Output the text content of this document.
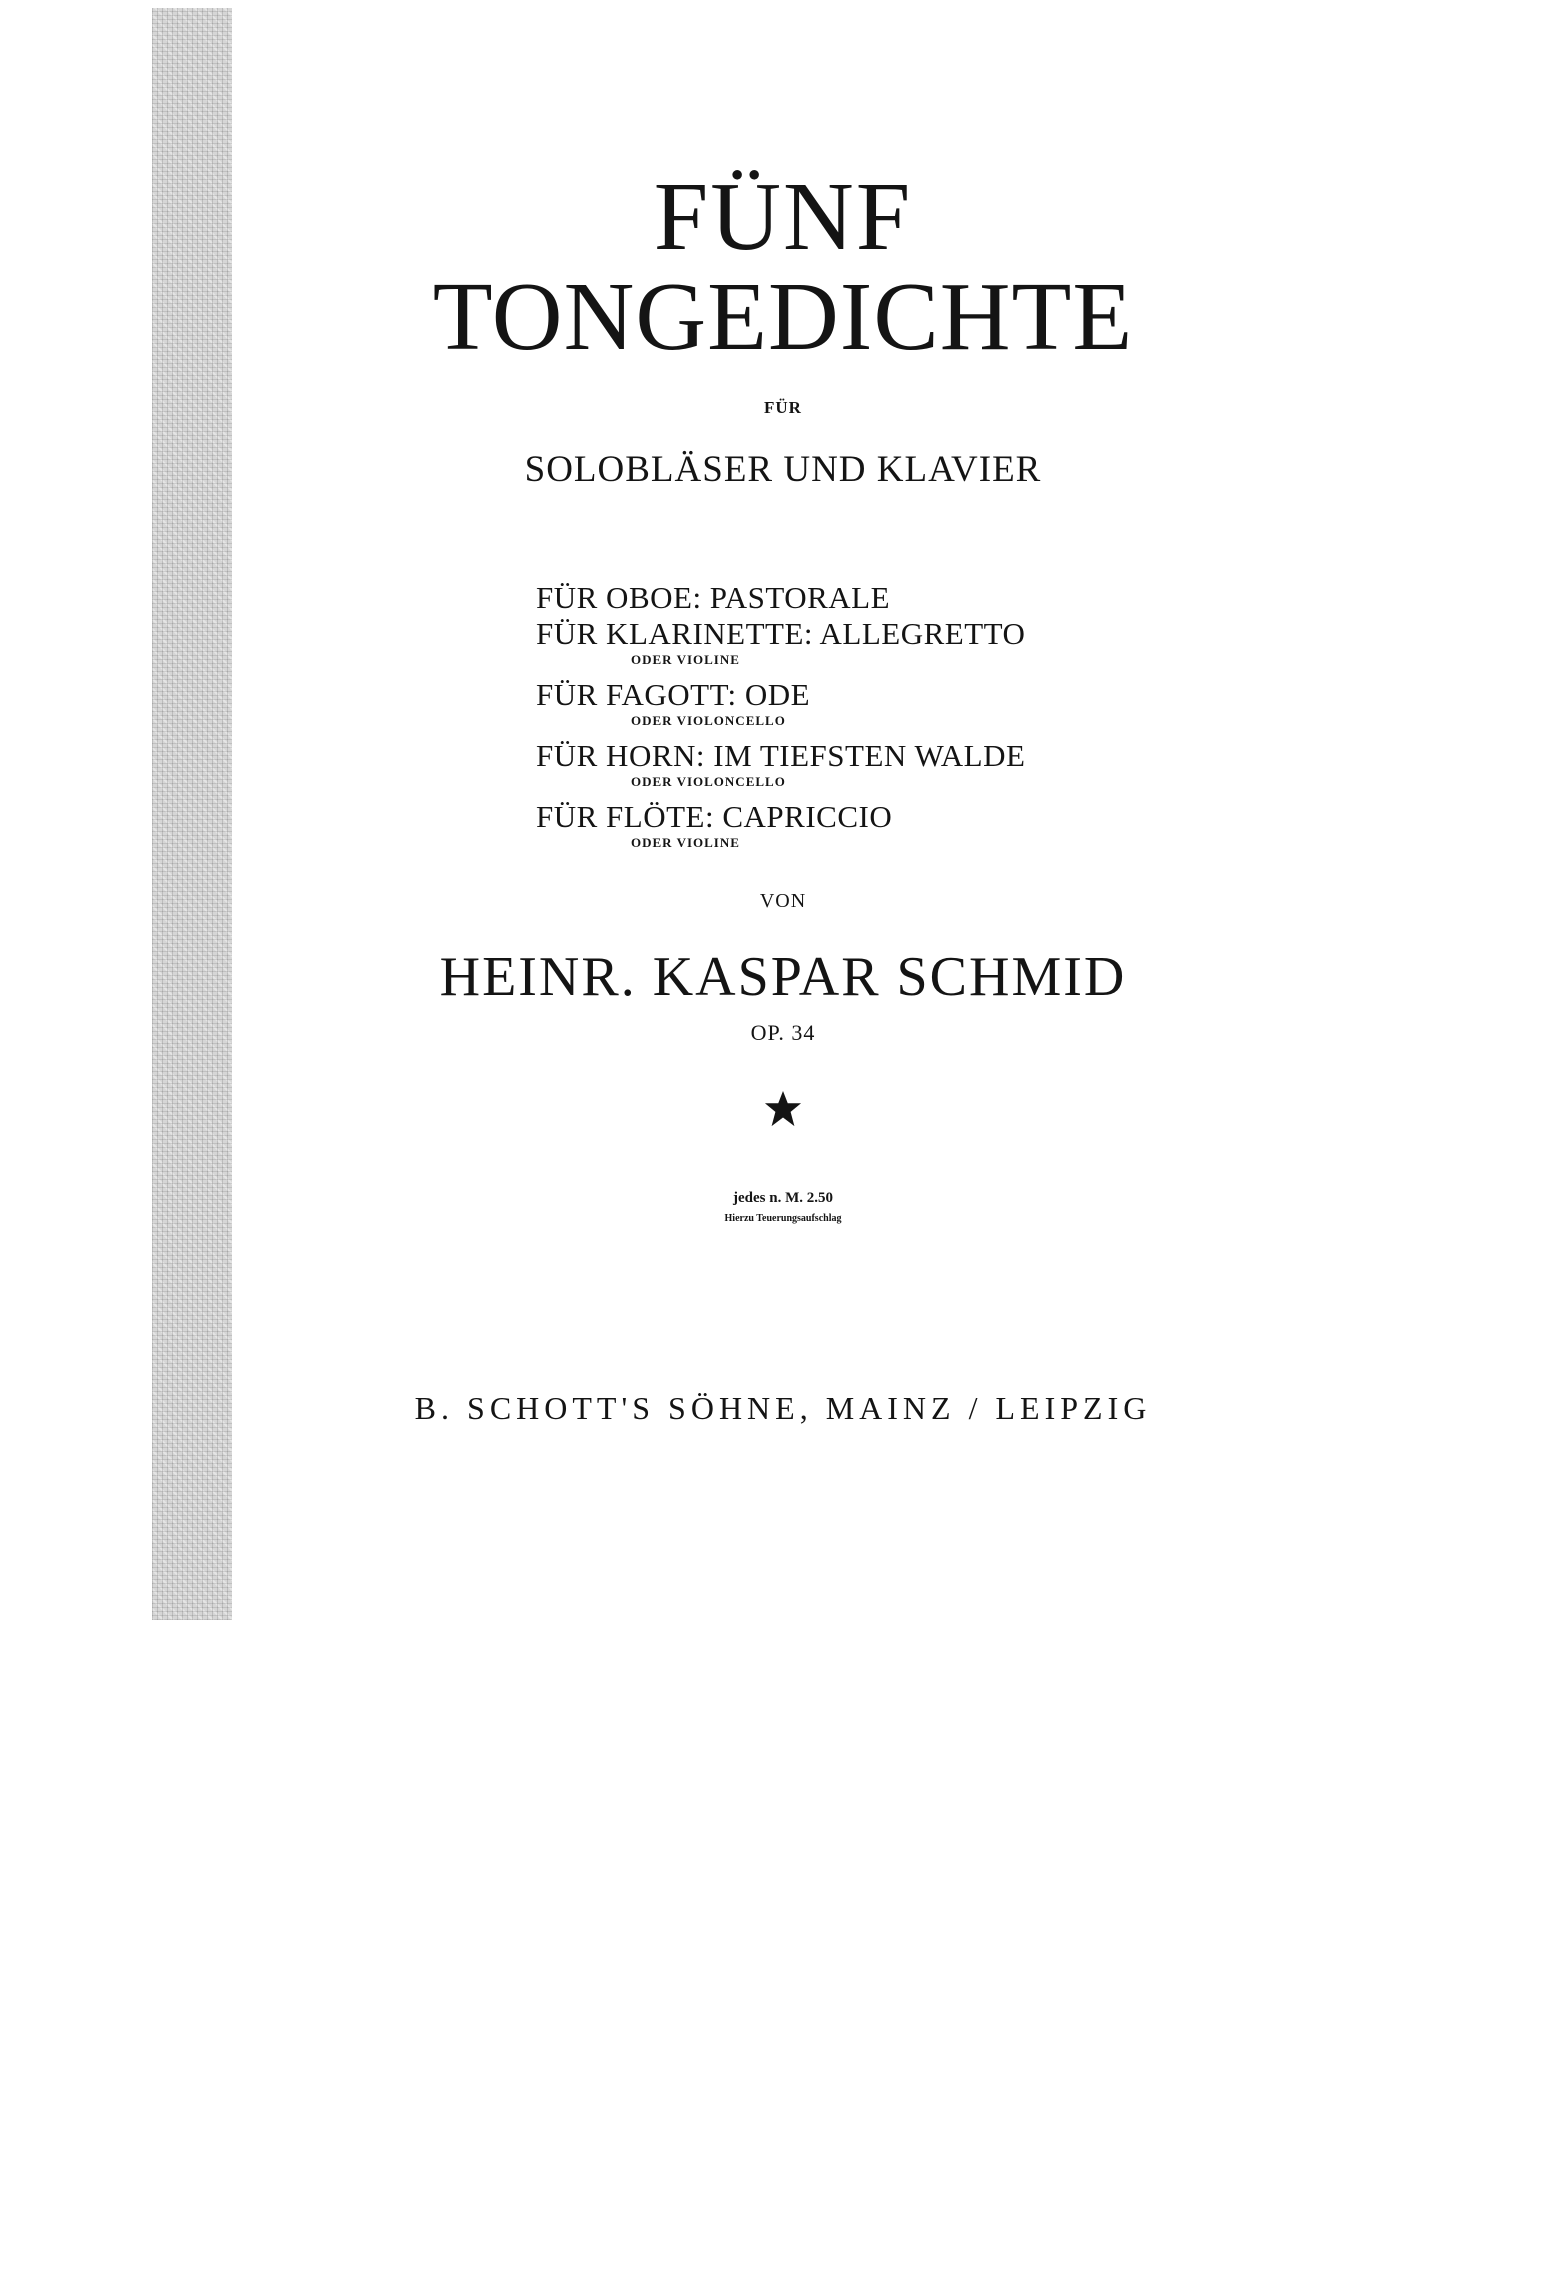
FÜNF
TONGEDICHTE
FÜR
SOLOBLÄSER UND KLAVIER
FÜR OBOE: PASTORALE
FÜR KLARINETTE: ALLEGRETTO
ODER VIOLINE
FÜR FAGOTT: ODE
ODER VIOLONCELLO
FÜR HORN: IM TIEFSTEN WALDE
ODER VIOLONCELLO
FÜR FLÖTE: CAPRICCIO
ODER VIOLINE
VON
HEINR. KASPAR SCHMID
OP. 34
jedes n. M. 2.50
Hierzu Teuerungsaufschlag
B. SCHOTT'S SÖHNE, MAINZ / LEIPZIG
